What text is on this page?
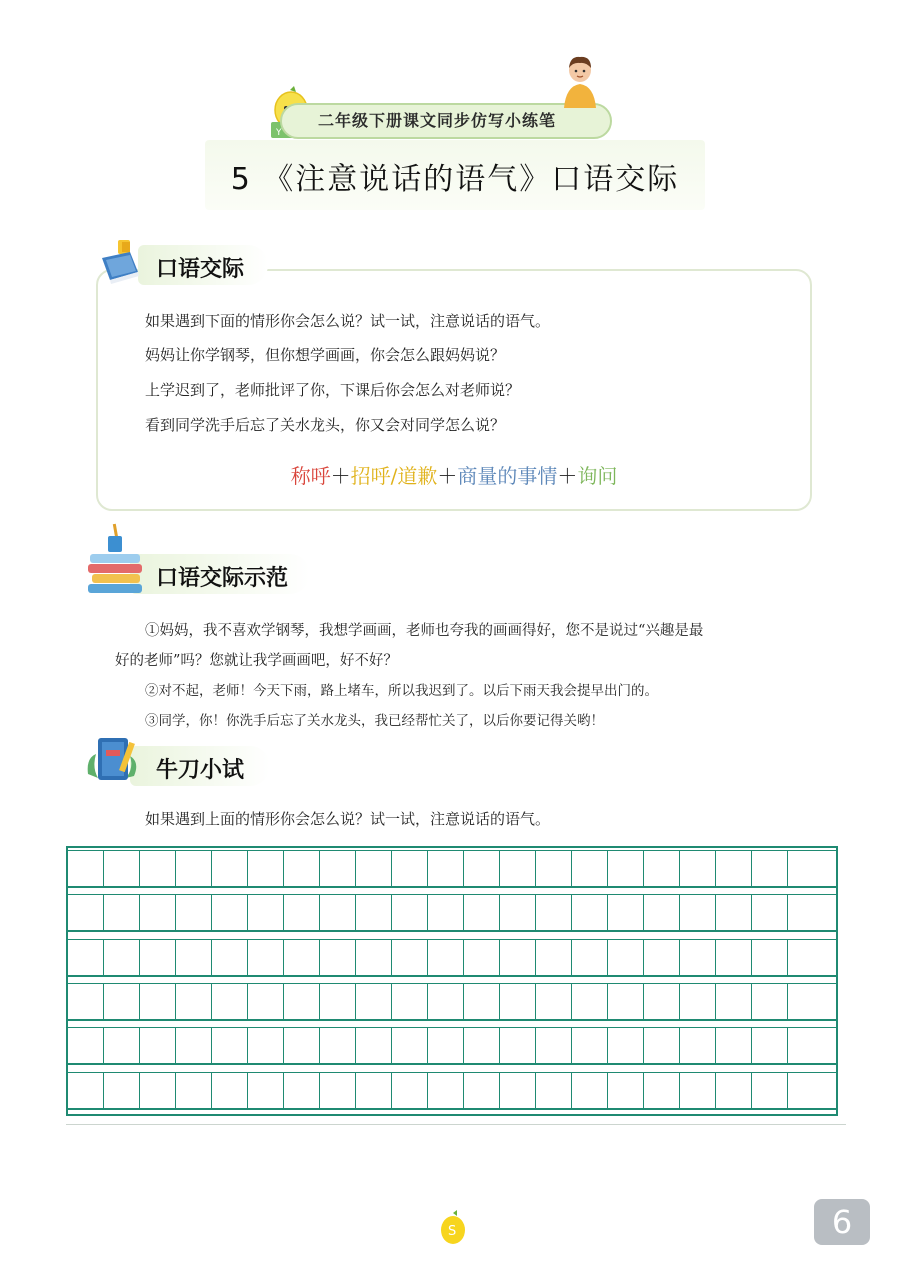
Y
二年级下册课文同步仿写小练笔
5 《注意说话的语气》口语交际
口语交际
如果遇到下面的情形你会怎么说？试一试，注意说话的语气。
妈妈让你学钢琴，但你想学画画，你会怎么跟妈妈说？
上学迟到了，老师批评了你，下课后你会怎么对老师说？
看到同学洗手后忘了关水龙头，你又会对同学怎么说？
称呼＋招呼/道歉＋商量的事情＋询问
口语交际示范
①妈妈，我不喜欢学钢琴，我想学画画，老师也夸我的画画得好，您不是说过“兴趣是最
好的老师”吗？您就让我学画画吧，好不好？
②对不起，老师！今天下雨，路上堵车，所以我迟到了。以后下雨天我会提早出门的。
③同学，你！你洗手后忘了关水龙头，我已经帮忙关了，以后你要记得关哟！
牛刀小试
如果遇到上面的情形你会怎么说？试一试，注意说话的语气。
S	6
